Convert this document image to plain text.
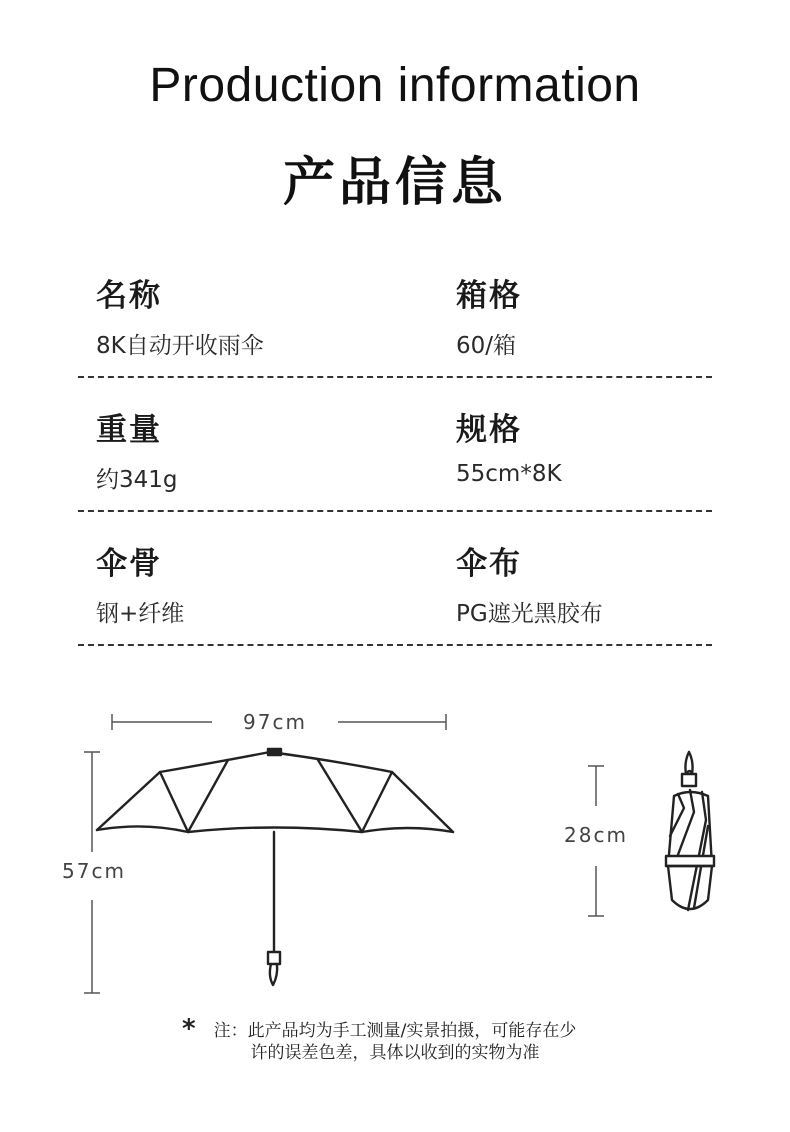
Production information
产品信息
名称
8K自动开收雨伞
箱格
60/箱
重量
约341g
规格
55cm*8K
伞骨
钢+纤维
伞布
PG遮光黑胶布
97cm
57cm
28cm
*	注：此产品均为手工测量/实景拍摄，可能存在少
许的误差色差，具体以收到的实物为准
